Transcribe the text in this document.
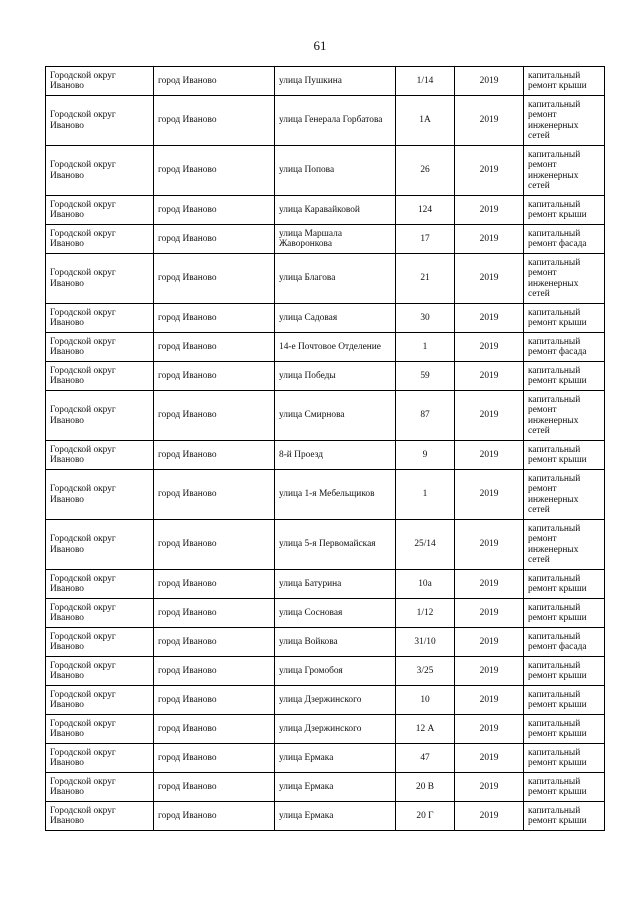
61
Городской округ Иваново	город Иваново	улица Пушкина	1/14	2019	капитальный ремонт крыши
Городской округ Иваново	город Иваново	улица Генерала Горбатова	1А	2019	капитальный ремонт инженерных сетей
Городской округ Иваново	город Иваново	улица Попова	26	2019	капитальный ремонт инженерных сетей
Городской округ Иваново	город Иваново	улица Каравайковой	124	2019	капитальный ремонт крыши
Городской округ Иваново	город Иваново	улица Маршала Жаворонкова	17	2019	капитальный ремонт фасада
Городской округ Иваново	город Иваново	улица Благова	21	2019	капитальный ремонт инженерных сетей
Городской округ Иваново	город Иваново	улица Садовая	30	2019	капитальный ремонт крыши
Городской округ Иваново	город Иваново	14-е Почтовое Отделение	1	2019	капитальный ремонт фасада
Городской округ Иваново	город Иваново	улица Победы	59	2019	капитальный ремонт крыши
Городской округ Иваново	город Иваново	улица Смирнова	87	2019	капитальный ремонт инженерных сетей
Городской округ Иваново	город Иваново	8-й Проезд	9	2019	капитальный ремонт крыши
Городской округ Иваново	город Иваново	улица 1-я Мебельщиков	1	2019	капитальный ремонт инженерных сетей
Городской округ Иваново	город Иваново	улица 5-я Первомайская	25/14	2019	капитальный ремонт инженерных сетей
Городской округ Иваново	город Иваново	улица Батурина	10а	2019	капитальный ремонт крыши
Городской округ Иваново	город Иваново	улица Сосновая	1/12	2019	капитальный ремонт крыши
Городской округ Иваново	город Иваново	улица Войкова	31/10	2019	капитальный ремонт фасада
Городской округ Иваново	город Иваново	улица Громобоя	3/25	2019	капитальный ремонт крыши
Городской округ Иваново	город Иваново	улица Дзержинского	10	2019	капитальный ремонт крыши
Городской округ Иваново	город Иваново	улица Дзержинского	12 А	2019	капитальный ремонт крыши
Городской округ Иваново	город Иваново	улица Ермака	47	2019	капитальный ремонт крыши
Городской округ Иваново	город Иваново	улица Ермака	20 В	2019	капитальный ремонт крыши
Городской округ Иваново	город Иваново	улица Ермака	20 Г	2019	капитальный ремонт крыши
